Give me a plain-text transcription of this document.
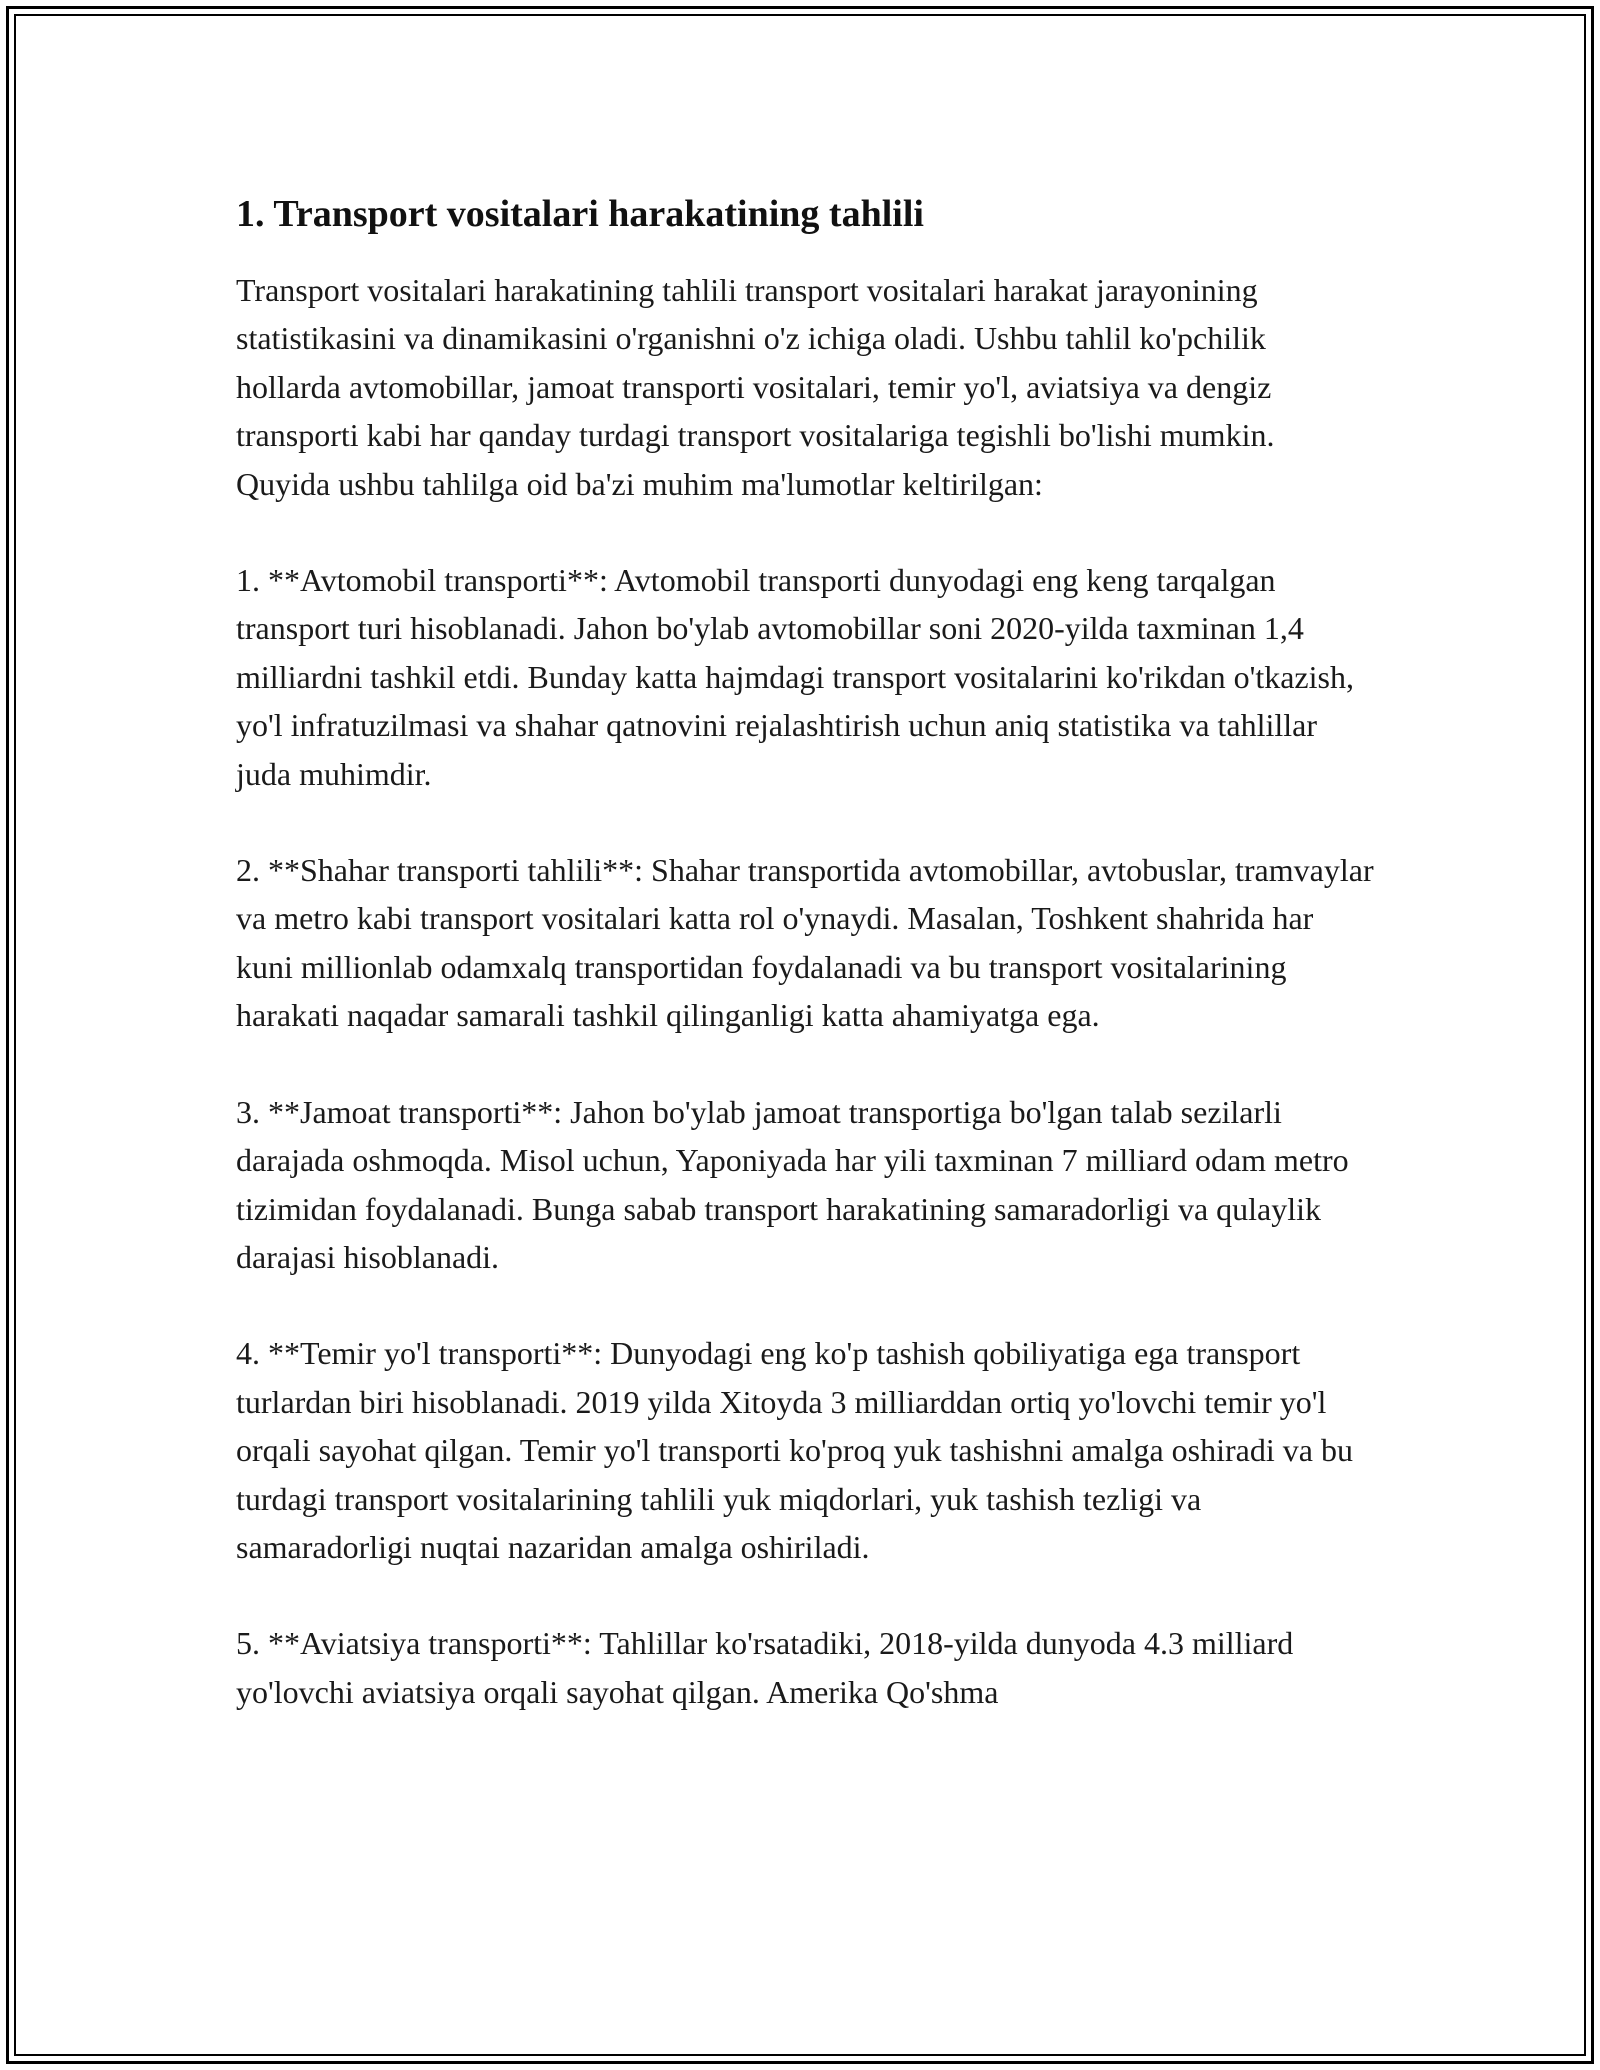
1. Transport vositalari harakatining tahlili

Transport vositalari harakatining tahlili transport vositalari harakat jarayonining statistikasini va dinamikasini o'rganishni o'z ichiga oladi. Ushbu tahlil ko'pchilik hollarda avtomobillar, jamoat transporti vositalari, temir yo'l, aviatsiya va dengiz transporti kabi har qanday turdagi transport vositalariga tegishli bo'lishi mumkin. Quyida ushbu tahlilga oid ba'zi muhim ma'lumotlar keltirilgan:

1. **Avtomobil transporti**: Avtomobil transporti dunyodagi eng keng tarqalgan transport turi hisoblanadi. Jahon bo'ylab avtomobillar soni 2020-yilda taxminan 1,4 milliardni tashkil etdi. Bunday katta hajmdagi transport vositalarini ko'rikdan o'tkazish, yo'l infratuzilmasi va shahar qatnovini rejalashtirish uchun aniq statistika va tahlillar juda muhimdir.

2. **Shahar transporti tahlili**: Shahar transportida avtomobillar, avtobuslar, tramvaylar va metro kabi transport vositalari katta rol o'ynaydi. Masalan, Toshkent shahrida har kuni millionlab odamxalq transportidan foydalanadi va bu transport vositalarining harakati naqadar samarali tashkil qilinganligi katta ahamiyatga ega.

3. **Jamoat transporti**: Jahon bo'ylab jamoat transportiga bo'lgan talab sezilarli darajada oshmoqda. Misol uchun, Yaponiyada har yili taxminan 7 milliard odam metro tizimidan foydalanadi. Bunga sabab transport harakatining samaradorligi va qulaylik darajasi hisoblanadi.

4. **Temir yo'l transporti**: Dunyodagi eng ko'p tashish qobiliyatiga ega transport turlardan biri hisoblanadi. 2019 yilda Xitoyda 3 milliarddan ortiq yo'lovchi temir yo'l orqali sayohat qilgan. Temir yo'l transporti ko'proq yuk tashishni amalga oshiradi va bu turdagi transport vositalarining tahlili yuk miqdorlari, yuk tashish tezligi va samaradorligi nuqtai nazaridan amalga oshiriladi.

5. **Aviatsiya transporti**: Tahlillar ko'rsatadiki, 2018-yilda dunyoda 4.3 milliard yo'lovchi aviatsiya orqali sayohat qilgan. Amerika Qo'shma
